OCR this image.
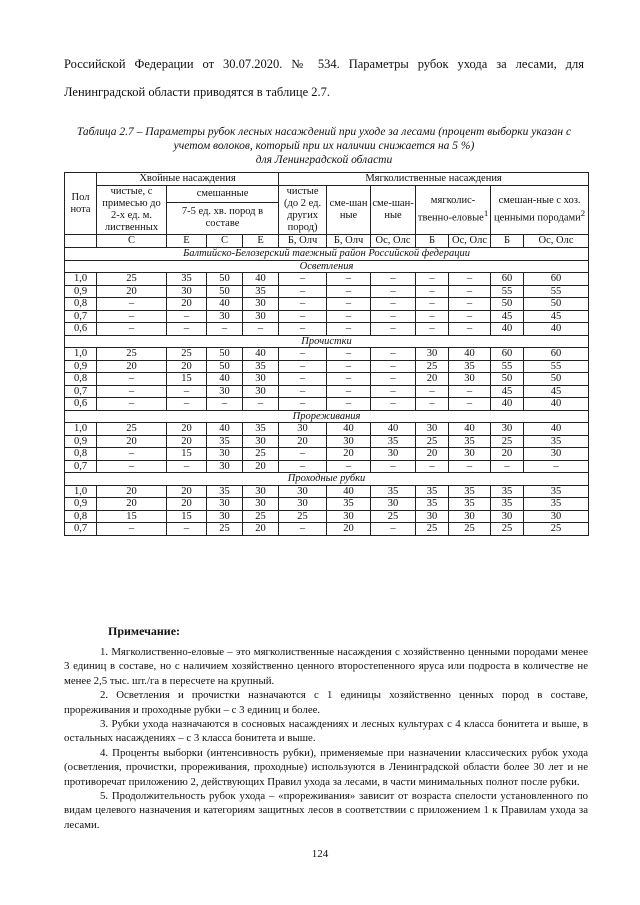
Российской Федерации от 30.07.2020. № 534. Параметры рубок ухода за лесами, для Ленинградской области приводятся в таблице 2.7.
Таблица 2.7 – Параметры рубок лесных насаждений при уходе за лесами (процент выборки указан с учетом волоков, который при их наличии снижается на 5 %)
для Ленинградской области
Пол нота	Хвойные насаждения				Мягколиственные насаждения						
	чистые, с примесью до 2-х ед. м. лиственных	смешанные			чистые (до 2 ед. других пород)	сме-шан ные	сме-шан-ные	мягколис-твенно-еловые$^1$		смешан-ные с хоз. ценными породами$^2$
		7-5 ед. хв. пород в составе									
	С	Е	С	Е	Б, Олч	Б, Олч	Ос, Олс	Б	Ос, Олс	Б	Ос, Олс
Балтийско-Белозерский таежный район Российской федерации											
Осветления											
1,0	25	35	50	40	–	–	–	–	–	60	60
0,9	20	30	50	35	–	–	–	–	–	55	55
0,8	–	20	40	30	–	–	–	–	–	50	50
0,7	–	–	30	30	–	–	–	–	–	45	45
0,6	–	–	–	–	–	–	–	–	–	40	40
Прочистки											
1,0	25	25	50	40	–	–	–	30	40	60	60
0,9	20	20	50	35	–	–	–	25	35	55	55
0,8	–	15	40	30	–	–	–	20	30	50	50
0,7	–	–	30	30	–	–	–	–	–	45	45
0,6	–	–	–	–	–	–	–	–	–	40	40
Прореживания											
1,0	25	20	40	35	30	40	40	30	40	30	40
0,9	20	20	35	30	20	30	35	25	35	25	35
0,8	–	15	30	25	–	20	30	20	30	20	30
0,7	–	–	30	20	–	–	–	–	–	–	–
Проходные рубки											
1,0	20	20	35	30	30	40	35	35	35	35	35
0,9	20	20	30	30	30	35	30	35	35	35	35
0,8	15	15	30	25	25	30	25	30	30	30	30
0,7	–	–	25	20	–	20	–	25	25	25	25
Примечание:

1. Мягколиственно-еловые – это мягколиственные насаждения с хозяйственно ценными породами менее 3 единиц в составе, но с наличием хозяйственно ценного второстепенного яруса или подроста в количестве не менее 2,5 тыс. шт./га в пересчете на крупный.

2. Осветления и прочистки назначаются с 1 единицы хозяйственно ценных пород в составе, прореживания и проходные рубки – с 3 единиц и более.

3. Рубки ухода назначаются в сосновых насаждениях и лесных культурах с 4 класса бонитета и выше, в остальных насаждениях – с 3 класса бонитета и выше.

4. Проценты выборки (интенсивность рубки), применяемые при назначении классических рубок ухода (осветления, прочистки, прореживания, проходные) используются в Ленинградской области более 30 лет и не противоречат приложению 2, действующих Правил ухода за лесами, в части минимальных полнот после рубки.

5. Продолжительность рубок ухода – «прореживания» зависит от возраста спелости установленного по видам целевого назначения и категориям защитных лесов в соответствии с приложением 1 к Правилам ухода за лесами.

124
